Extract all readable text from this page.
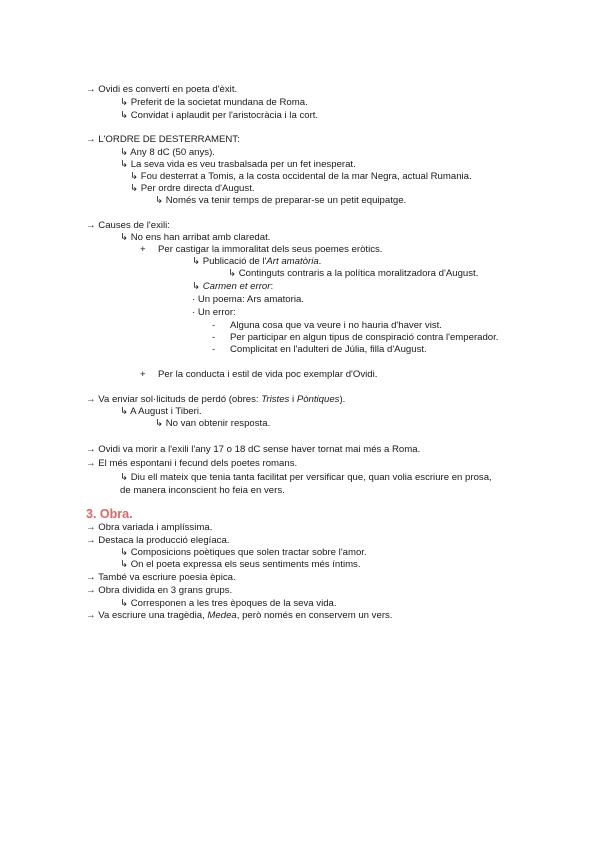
→ Ovidi es convertí en poeta d'èxit.
↳ Preferit de la societat mundana de Roma.
↳ Convidat i aplaudit per l'aristocràcia i la cort.
→ L'ORDRE DE DESTERRAMENT:
↳ Any 8 dC (50 anys).
↳ La seva vida es veu trasbalsada per un fet inesperat.
↳ Fou desterrat a Tomis, a la costa occidental de la mar Negra, actual Rumania.
↳ Per ordre directa d'August.
↳ Només va tenir temps de preparar-se un petit equipatge.
→ Causes de l'exili:
↳ No ens han arribat amb claredat.
+ Per castigar la immoralitat dels seus poemes eròtics.
↳ Publicació de l'Art amatòria.
↳ Continguts contraris a la política moralitzadora d'August.
↳ Carmen et error:
· Un poema: Ars amatoria.
· Un error:
- Alguna cosa que va veure i no hauria d'haver vist.
- Per participar en algun tipus de conspiració contra l'emperador.
- Complicitat en l'adulteri de Júlia, filla d'August.
+ Per la conducta i estil de vida poc exemplar d'Ovidi.
→ Va enviar sol·licituds de perdó (obres: Tristes i Pòntiques).
↳ A August i Tiberi.
↳ No van obtenir resposta.
→ Ovidi va morir a l'exili l'any 17 o 18 dC sense haver tornat mai més a Roma.
→ El més espontani i fecund dels poetes romans.
↳ Diu ell mateix que tenia tanta facilitat per versificar que, quan volia escriure en prosa,
de manera inconscient ho feia en vers.
3. Obra.
→ Obra variada i amplíssima.
→ Destaca la producció elegíaca.
↳ Composicions poètiques que solen tractar sobre l'amor.
↳ On el poeta expressa els seus sentiments més íntims.
→ També va escriure poesia èpica.
→ Obra dividida en 3 grans grups.
↳ Corresponen a les tres èpoques de la seva vida.
→ Va escriure una tragèdia, Medea, però només en conservem un vers.
